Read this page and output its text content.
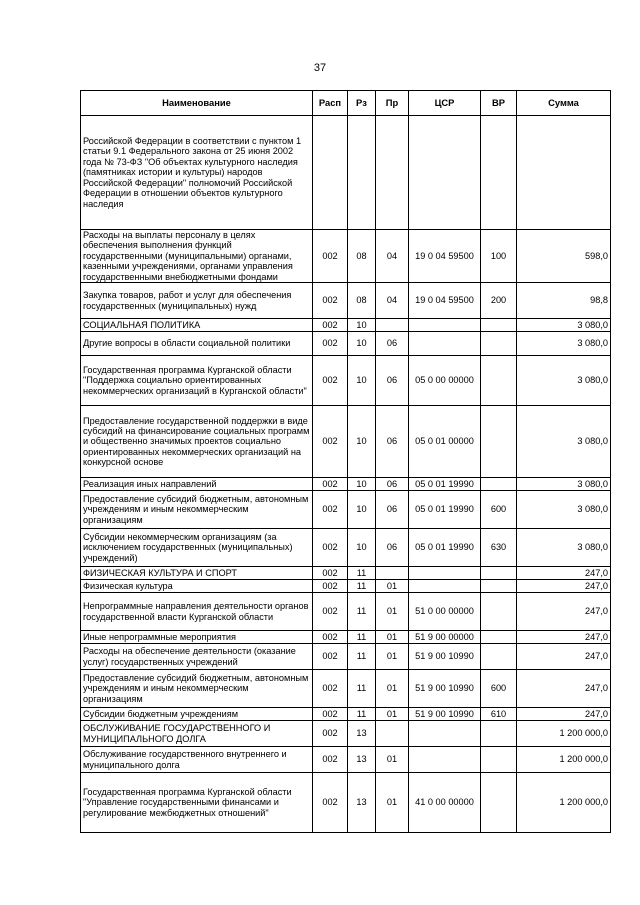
37
Наименование	Расп	Рз	Пр	ЦСР	ВР	Сумма
Российской Федерации в соответствии с пунктом 1 статьи 9.1 Федерального закона от 25 июня 2002 года № 73-ФЗ "Об объектах культурного наследия (памятниках истории и культуры) народов Российской Федерации" полномочий Российской Федерации в отношении объектов культурного наследия						
Расходы на выплаты персоналу в целях обеспечения выполнения функций государственными (муниципальными) органами, казенными учреждениями, органами управления государственными внебюджетными фондами	002	08	04	19 0 04 59500	100	598,0
Закупка товаров, работ и услуг для обеспечения государственных (муниципальных) нужд	002	08	04	19 0 04 59500	200	98,8
СОЦИАЛЬНАЯ ПОЛИТИКА	002	10				3 080,0
Другие вопросы в области социальной политики	002	10	06			3 080,0
Государственная программа Курганской области "Поддержка социально ориентированных некоммерческих организаций в Курганской области"	002	10	06	05 0 00 00000		3 080,0
Предоставление государственной поддержки в виде субсидий на финансирование социальных программ и общественно значимых проектов социально ориентированных некоммерческих организаций на конкурсной основе	002	10	06	05 0 01 00000		3 080,0
Реализация иных направлений	002	10	06	05 0 01 19990		3 080,0
Предоставление субсидий бюджетным, автономным учреждениям и иным некоммерческим организациям	002	10	06	05 0 01 19990	600	3 080,0
Субсидии некоммерческим организациям (за исключением государственных (муниципальных) учреждений)	002	10	06	05 0 01 19990	630	3 080,0
ФИЗИЧЕСКАЯ КУЛЬТУРА И СПОРТ	002	11				247,0
Физическая культура	002	11	01			247,0
Непрограммные направления деятельности органов государственной власти Курганской области	002	11	01	51 0 00 00000		247,0
Иные непрограммные мероприятия	002	11	01	51 9 00 00000		247,0
Расходы на обеспечение деятельности (оказание услуг) государственных учреждений	002	11	01	51 9 00 10990		247,0
Предоставление субсидий бюджетным, автономным учреждениям и иным некоммерческим организациям	002	11	01	51 9 00 10990	600	247,0
Субсидии бюджетным учреждениям	002	11	01	51 9 00 10990	610	247,0
ОБСЛУЖИВАНИЕ ГОСУДАРСТВЕННОГО И МУНИЦИПАЛЬНОГО ДОЛГА	002	13				1 200 000,0
Обслуживание государственного внутреннего и муниципального долга	002	13	01			1 200 000,0
Государственная программа Курганской области "Управление государственными финансами и регулирование межбюджетных отношений"	002	13	01	41 0 00 00000		1 200 000,0
